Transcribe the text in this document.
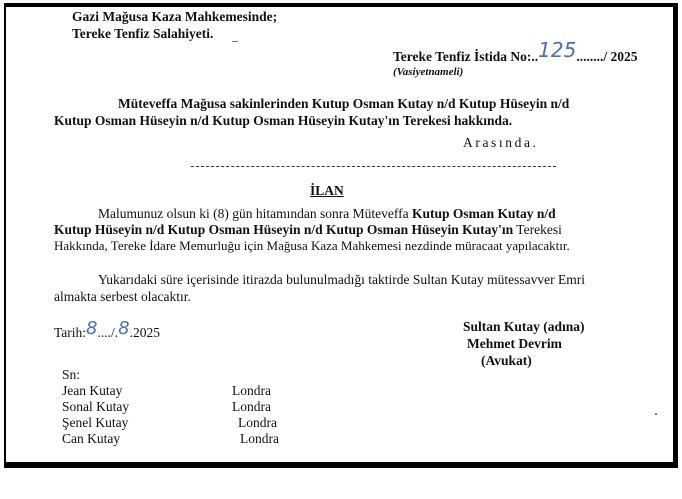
Gazi Mağusa Kaza Mahkemesinde;
Tereke Tenfiz Salahiyeti.
Tereke Tenfiz İstida No:..125......../ 2025
(Vasiyetnameli)
Müteveffa Mağusa sakinlerinden Kutup Osman Kutay n/d Kutup Hüseyin n/d
Kutup Osman Hüseyin n/d Kutup Osman Hüseyin Kutay'ın Terekesi hakkında.
Arasında.
İLAN
Malumunuz olsun ki (8) gün hitamından sonra Müteveffa Kutup Osman Kutay n/d
Kutup Hüseyin n/d Kutup Osman Hüseyin n/d Kutup Osman Hüseyin Kutay'ın Terekesi
Hakkında, Tereke İdare Memurluğu için Mağusa Kaza Mahkemesi nezdinde müracaat yapılacaktır.
Yukarıdaki süre içerisinde itirazda bulunulmadığı taktirde Sultan Kutay mütessavver Emri
almakta serbest olacaktır.
Tarih:8..../.8.2025	Sultan Kutay (adına)
Mehmet Devrim
(Avukat)
Sn:
Jean Kutay	Londra
Sonal Kutay	Londra
Şenel Kutay	Londra
Can Kutay	Londra
